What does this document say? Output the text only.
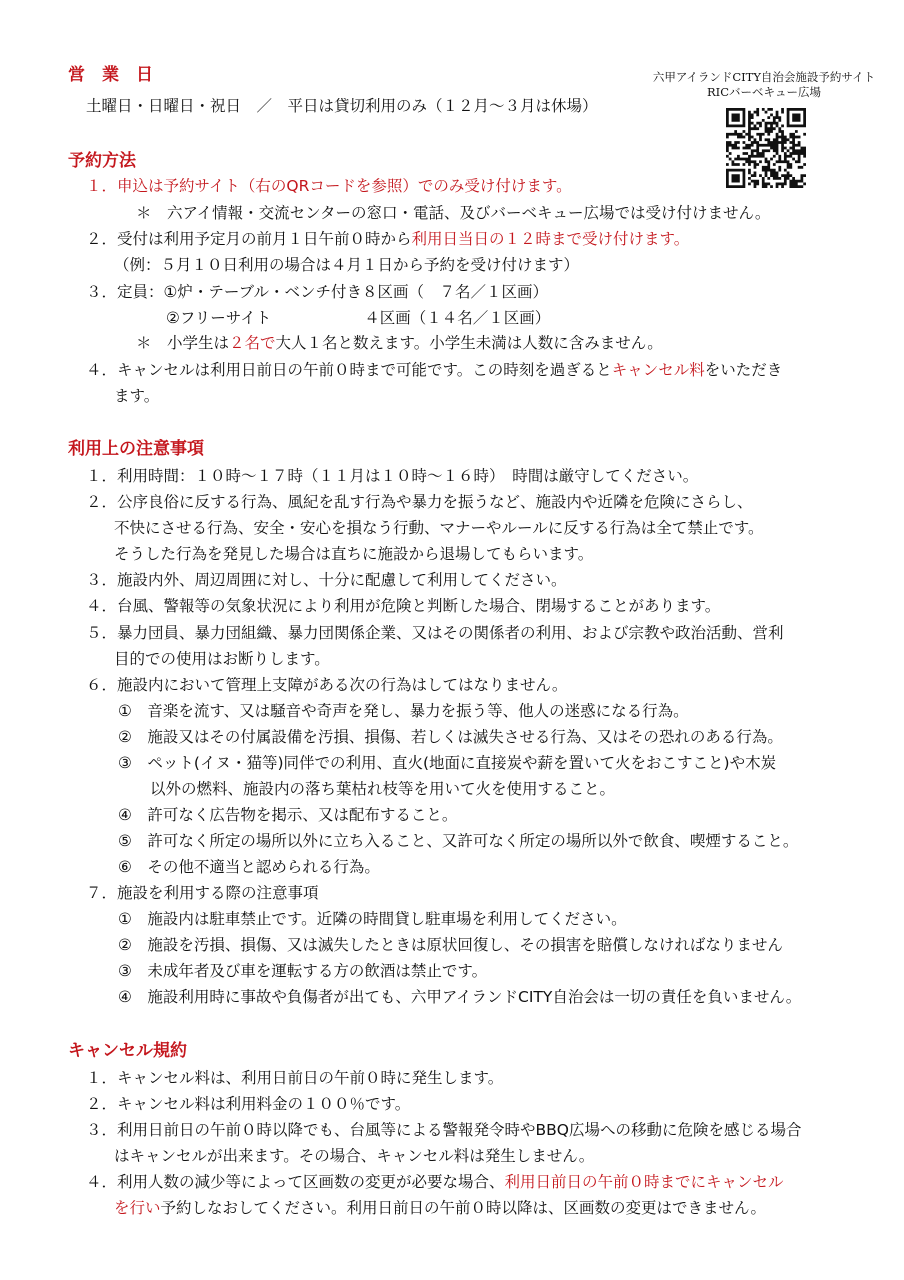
営　業　日
土曜日・日曜日・祝日　／　平日は貸切利用のみ（１２月～３月は休場）
六甲アイランドCITY自治会施設予約サイト
RICバーベキュー広場
予約方法
１．申込は予約サイト（右のQRコードを参照）でのみ受け付けます。
＊　六アイ情報・交流センターの窓口・電話、及びバーベキュー広場では受け付けません。
２．受付は利用予定月の前月１日午前０時から利用日当日の１２時まで受け付けます。
（例：５月１０日利用の場合は４月１日から予約を受け付けます）
３．定員：①炉・テーブル・ベンチ付き８区画（　７名／１区画）
②フリーサイト　　　　　　４区画（１４名／１区画）
＊　小学生は２名で大人１名と数えます。小学生未満は人数に含みません。
４．キャンセルは利用日前日の午前０時まで可能です。この時刻を過ぎるとキャンセル料をいただき
ます。
利用上の注意事項
１．利用時間：１０時～１７時（１１月は１０時～１６時）　時間は厳守してください。
２．公序良俗に反する行為、風紀を乱す行為や暴力を振うなど、施設内や近隣を危険にさらし、
不快にさせる行為、安全・安心を損なう行動、マナーやルールに反する行為は全て禁止です。
そうした行為を発見した場合は直ちに施設から退場してもらいます。
３．施設内外、周辺周囲に対し、十分に配慮して利用してください。
４．台風、警報等の気象状況により利用が危険と判断した場合、閉場することがあります。
５．暴力団員、暴力団組織、暴力団関係企業、又はその関係者の利用、および宗教や政治活動、営利
目的での使用はお断りします。
６．施設内において管理上支障がある次の行為はしてはなりません。
①　音楽を流す、又は騒音や奇声を発し、暴力を振う等、他人の迷惑になる行為。
②　施設又はその付属設備を汚損、損傷、若しくは滅失させる行為、又はその恐れのある行為。
③　ペット(イヌ・猫等)同伴での利用、直火(地面に直接炭や薪を置いて火をおこすこと)や木炭
以外の燃料、施設内の落ち葉枯れ枝等を用いて火を使用すること。
④　許可なく広告物を掲示、又は配布すること。
⑤　許可なく所定の場所以外に立ち入ること、又許可なく所定の場所以外で飲食、喫煙すること。
⑥　その他不適当と認められる行為。
７．施設を利用する際の注意事項
①　施設内は駐車禁止です。近隣の時間貸し駐車場を利用してください。
②　施設を汚損、損傷、又は滅失したときは原状回復し、その損害を賠償しなければなりません
③　未成年者及び車を運転する方の飲酒は禁止です。
④　施設利用時に事故や負傷者が出ても、六甲アイランドCITY自治会は一切の責任を負いません。
キャンセル規約
１．キャンセル料は、利用日前日の午前０時に発生します。
２．キャンセル料は利用料金の１００％です。
３．利用日前日の午前０時以降でも、台風等による警報発令時やBBQ広場への移動に危険を感じる場合
はキャンセルが出来ます。その場合、キャンセル料は発生しません。
４．利用人数の減少等によって区画数の変更が必要な場合、利用日前日の午前０時までにキャンセル
を行い予約しなおしてください。利用日前日の午前０時以降は、区画数の変更はできません。
